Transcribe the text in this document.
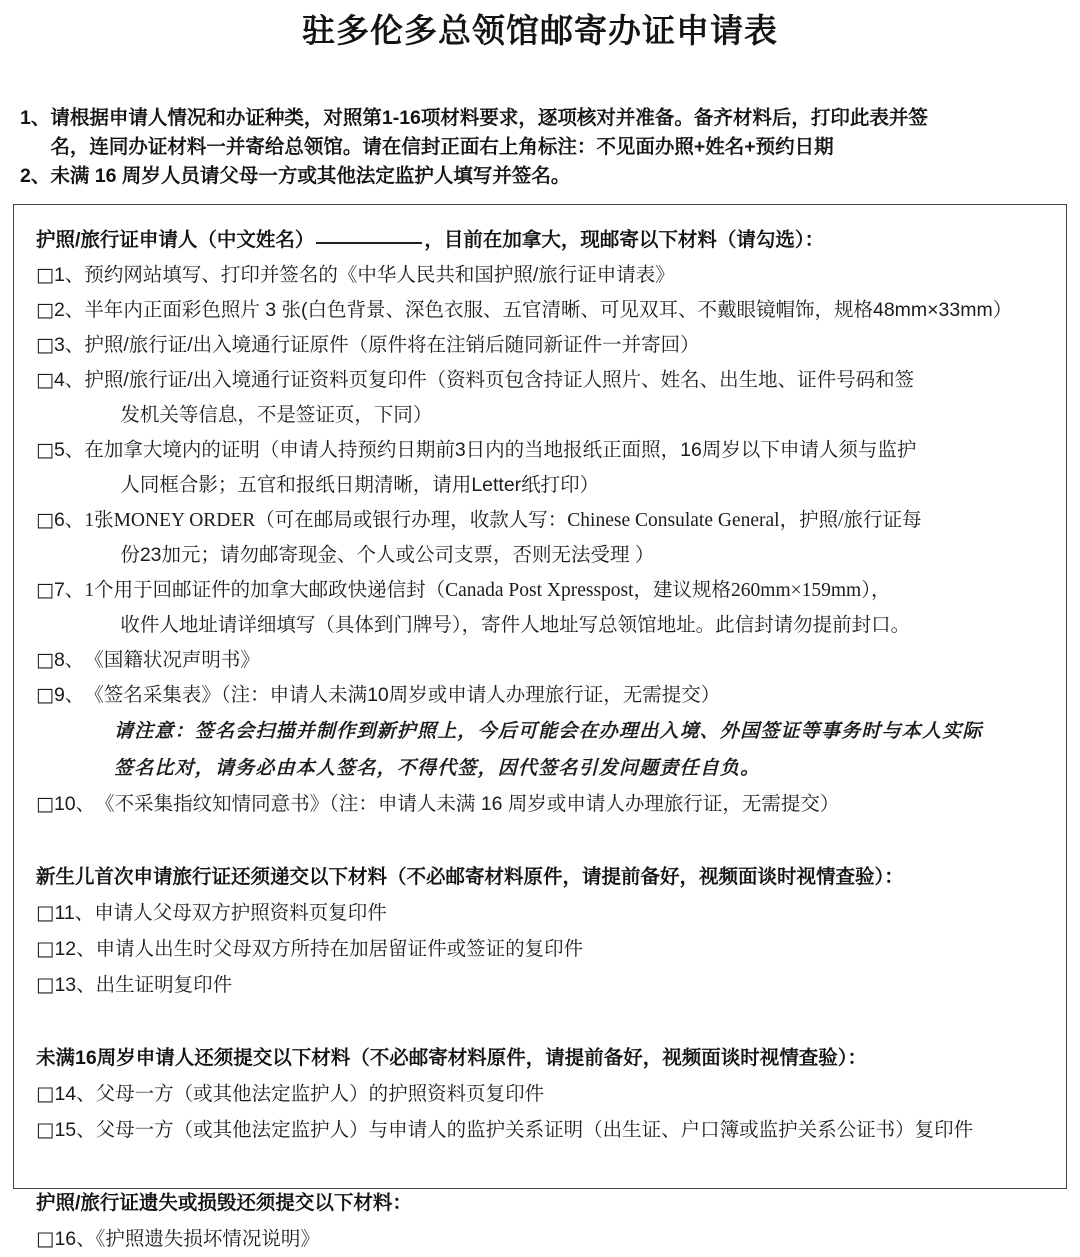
驻多伦多总领馆邮寄办证申请表
1、 请根据申请人情况和办证种类，对照第1-16项材料要求，逐项核对并准备。备齐材料后，打印此表并签
名，连同办证材料一并寄给总领馆。请在信封正面右上角标注：不见面办照+姓名+预约日期
2、 未满 16 周岁人员请父母一方或其他法定监护人填写并签名。
护照/旅行证申请人（中文姓名）	，目前在加拿大，现邮寄以下材料（请勾选）：
□ 1、 预约网站填写、打印并签名的《中华人民共和国护照/旅行证申请表》
□ 2、 半年内正面彩色照片 3 张(白色背景、深色衣服、五官清晰、可见双耳、不戴眼镜帽饰，规格48mm×33mm）
□ 3、 护照/旅行证/出入境通行证原件（原件将在注销后随同新证件一并寄回）
□ 4、 护照/旅行证/出入境通行证资料页复印件（资料页包含持证人照片、姓名、出生地、证件号码和签
发机关等信息，不是签证页，下同）
□ 5、 在加拿大境内的证明（申请人持预约日期前3日内的当地报纸正面照，16周岁以下申请人须与监护
人同框合影；五官和报纸日期清晰，请用Letter纸打印）
□ 6、 1张MONEY ORDER（可在邮局或银行办理，收款人写：Chinese Consulate General，护照/旅行证每
份23加元；请勿邮寄现金、个人或公司支票，否则无法受理 ）
□ 7、 1个用于回邮证件的加拿大邮政快递信封（Canada Post Xpresspost，建议规格260mm×159mm），
收件人地址请详细填写（具体到门牌号），寄件人地址写总领馆地址。此信封请勿提前封口。
□ 8、 《国籍状况声明书》
□ 9、 《签名采集表》（注：申请人未满10周岁或申请人办理旅行证，无需提交）
请注意：签名会扫描并制作到新护照上，今后可能会在办理出入境、外国签证等事务时与本人实际
签名比对，请务必由本人签名，不得代签，因代签名引发问题责任自负。
□ 10、 《不采集指纹知情同意书》（注：申请人未满 16 周岁或申请人办理旅行证，无需提交）
新生儿首次申请旅行证还须递交以下材料（不必邮寄材料原件，请提前备好，视频面谈时视情查验）：
□11、申请人父母双方护照资料页复印件
□12、申请人出生时父母双方所持在加居留证件或签证的复印件
□13、出生证明复印件
未满16周岁申请人还须提交以下材料（不必邮寄材料原件，请提前备好，视频面谈时视情查验）：
□14、父母一方（或其他法定监护人）的护照资料页复印件
□15、父母一方（或其他法定监护人）与申请人的监护关系证明（出生证、户口簿或监护关系公证书）复印件
护照/旅行证遗失或损毁还须提交以下材料：
□16、《护照遗失损坏情况说明》
